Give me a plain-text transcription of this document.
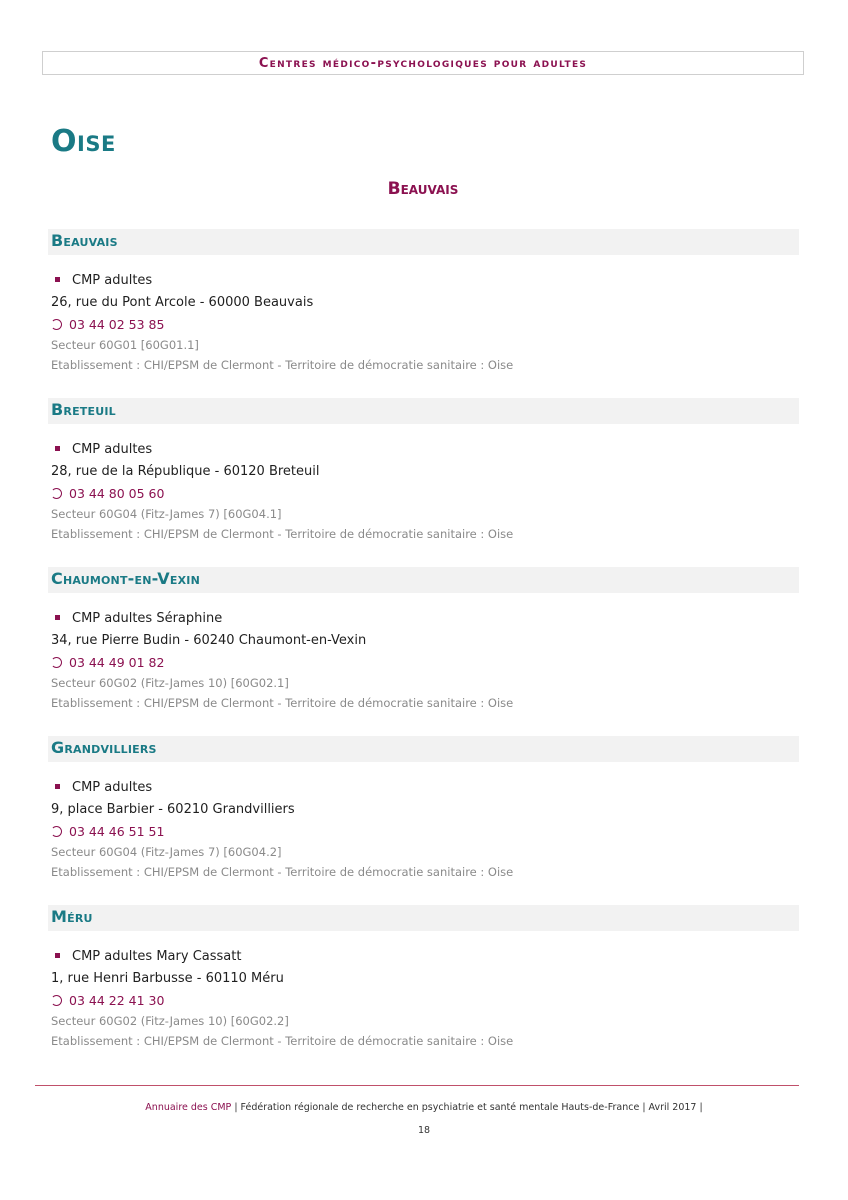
Centres médico-psychologiques pour adultes
Oise
Beauvais
Beauvais
CMP adultes
26, rue du Pont Arcole - 60000 Beauvais
03 44 02 53 85
Secteur 60G01 [60G01.1]
Etablissement : CHI/EPSM de Clermont - Territoire de démocratie sanitaire : Oise
Breteuil
CMP adultes
28, rue de la République - 60120 Breteuil
03 44 80 05 60
Secteur 60G04 (Fitz-James 7) [60G04.1]
Etablissement : CHI/EPSM de Clermont - Territoire de démocratie sanitaire : Oise
Chaumont-en-Vexin
CMP adultes Séraphine
34, rue Pierre Budin - 60240 Chaumont-en-Vexin
03 44 49 01 82
Secteur 60G02 (Fitz-James 10) [60G02.1]
Etablissement : CHI/EPSM de Clermont - Territoire de démocratie sanitaire : Oise
Grandvilliers
CMP adultes
9, place Barbier - 60210 Grandvilliers
03 44 46 51 51
Secteur 60G04 (Fitz-James 7) [60G04.2]
Etablissement : CHI/EPSM de Clermont - Territoire de démocratie sanitaire : Oise
Méru
CMP adultes Mary Cassatt
1, rue Henri Barbusse - 60110 Méru
03 44 22 41 30
Secteur 60G02 (Fitz-James 10) [60G02.2]
Etablissement : CHI/EPSM de Clermont - Territoire de démocratie sanitaire : Oise
Annuaire des CMP | Fédération régionale de recherche en psychiatrie et santé mentale Hauts-de-France | Avril 2017 |
18
